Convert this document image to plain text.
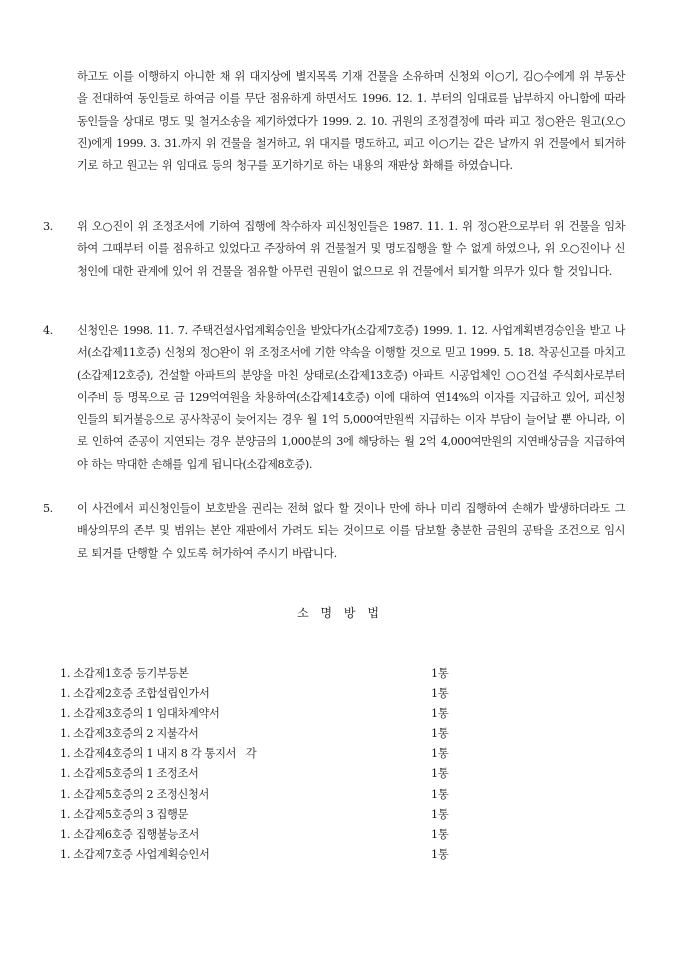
하고도 이를 이행하지 아니한 채 위 대지상에 별지목록 기재 건물을 소유하며 신청외 이○기, 김○수에게 위 부동산을 전대하여 동인들로 하여금 이를 무단 점유하게 하면서도 1996. 12. 1. 부터의 임대료를 납부하지 아니함에 따라 동인들을 상대로 명도 및 철거소송을 제기하였다가 1999. 2. 10. 귀원의 조정결정에 따라 피고 정○완은 원고(오○진)에게 1999. 3. 31.까지 위 건물을 철거하고, 위 대지를 명도하고, 피고 이○기는 같은 날까지 위 건물에서 퇴거하기로 하고 원고는 위 임대료 등의 청구를 포기하기로 하는 내용의 재판상 화해를 하였습니다.
3. 위 오○진이 위 조정조서에 기하여 집행에 착수하자 피신청인들은 1987. 11. 1. 위 정○완으로부터 위 건물을 임차하여 그때부터 이를 점유하고 있었다고 주장하여 위 건물철거 및 명도집행을 할 수 없게 하였으나, 위 오○진이나 신청인에 대한 관계에 있어 위 건물을 점유할 아무런 권원이 없으므로 위 건물에서 퇴거할 의무가 있다 할 것입니다.
4. 신청인은 1998. 11. 7. 주택건설사업계획승인을 받았다가(소갑제7호증) 1999. 1. 12. 사업계획변경승인을 받고 나서(소갑제11호증) 신청외 정○완이 위 조정조서에 기한 약속을 이행할 것으로 믿고 1999. 5. 18. 착공신고를 마치고(소갑제12호증), 건설할 아파트의 분양을 마친 상태로(소갑제13호증) 아파트 시공업체인 ○○건설 주식회사로부터 이주비 등 명목으로 금 129억여원을 차용하여(소갑제14호증) 이에 대하여 연14%의 이자를 지급하고 있어, 피신청인들의 퇴거불응으로 공사착공이 늦어지는 경우 월 1억 5,000여만원씩 지급하는 이자 부담이 늘어날 뿐 아니라, 이로 인하여 준공이 지연되는 경우 분양금의 1,000분의 3에 해당하는 월 2억 4,000여만원의 지연배상금을 지급하여야 하는 막대한 손해를 입게 됩니다(소갑제8호증).
5. 이 사건에서 피신청인들이 보호받을 권리는 전혀 없다 할 것이나 만에 하나 미리 집행하여 손해가 발생하더라도 그 배상의무의 존부 및 범위는 본안 재판에서 가려도 되는 것이므로 이를 담보할 충분한 금원의 공탁을 조건으로 임시로 퇴거를 단행할 수 있도록 허가하여 주시기 바랍니다.
소 명 방 법
1. 소갑제1호증 등기부등본	1통
1. 소갑제2호증 조합설립인가서	1통
1. 소갑제3호증의 1 임대차계약서	1통
1. 소갑제3호증의 2 지불각서	1통
1. 소갑제4호증의 1 내지 8 각 통지서   각	1통
1. 소갑제5호증의 1 조정조서	1통
1. 소갑제5호증의 2 조정신청서	1통
1. 소갑제5호증의 3 집행문	1통
1. 소갑제6호증 집행불능조서	1통
1. 소갑제7호증 사업계획승인서	1통
